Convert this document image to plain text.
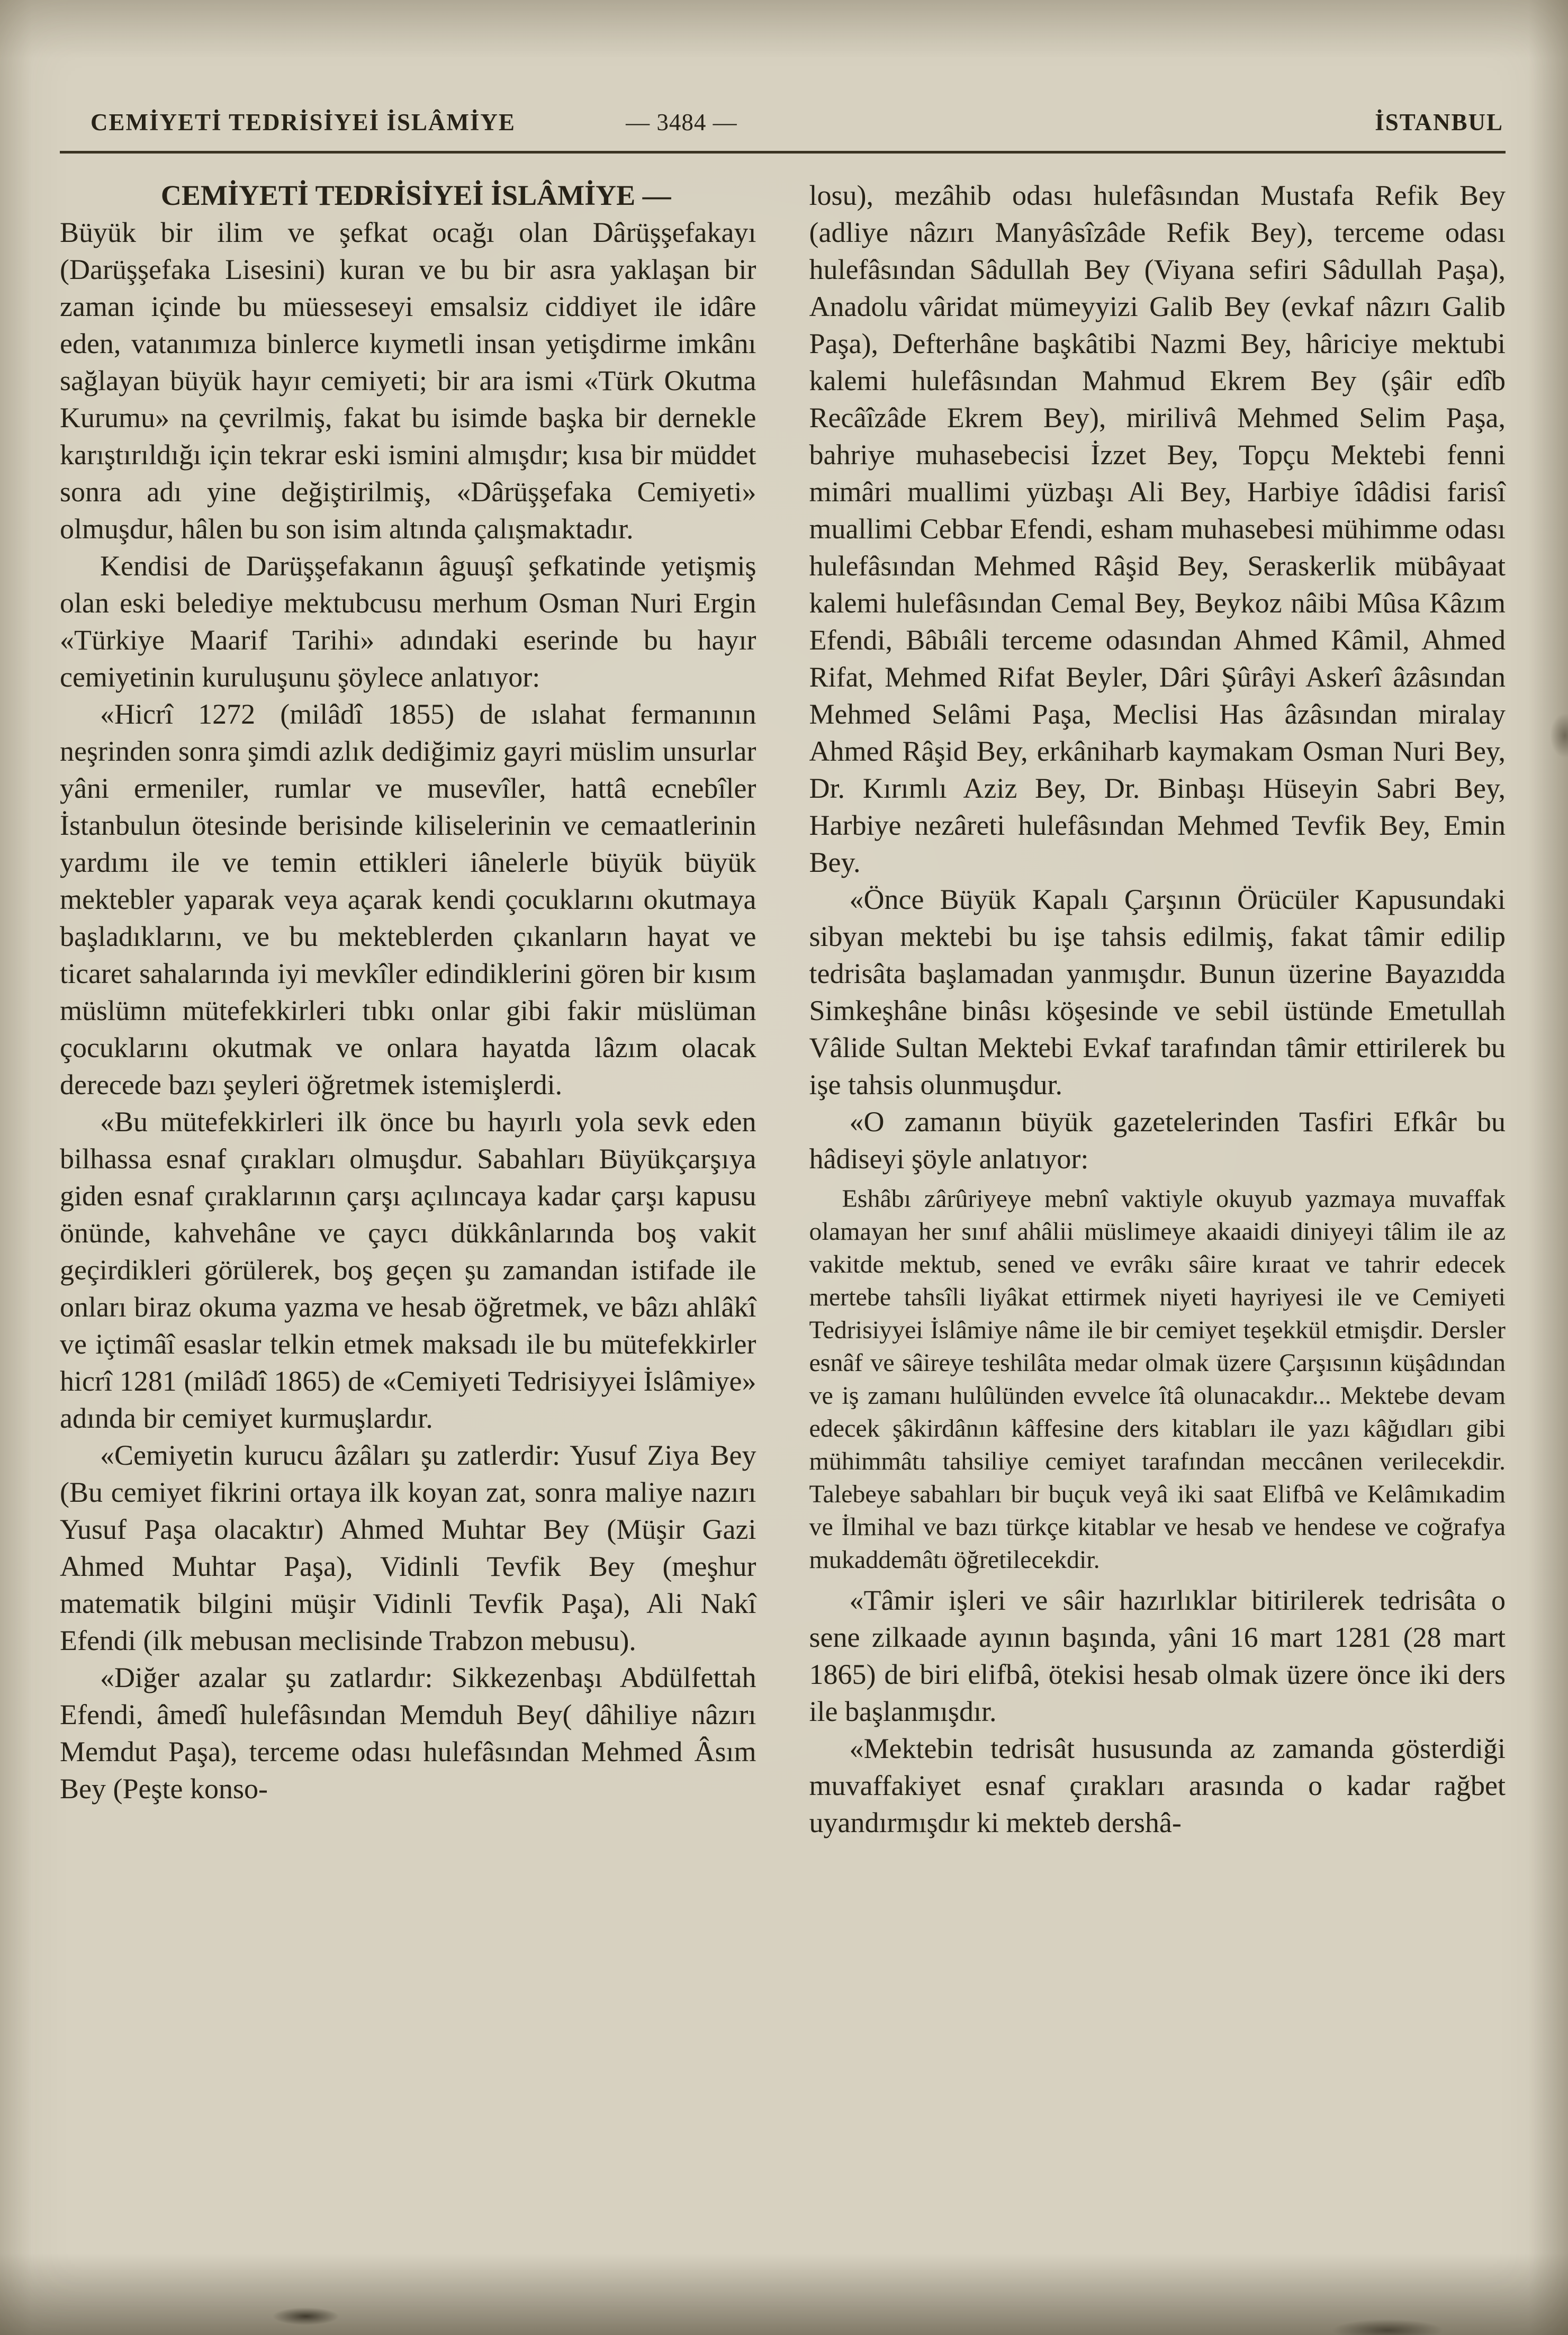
CEMİYETİ TEDRİSİYEİ İSLÂMİYE	— 3484 —	İSTANBUL

CEMİYETİ TEDRİSİYEİ İSLÂMİYE —
Büyük bir ilim ve şefkat ocağı olan Dârüşşefakayı (Darüşşefaka Lisesini) kuran ve bu bir asra yaklaşan bir zaman içinde bu müesseseyi emsalsiz ciddiyet ile idâre eden, vatanımıza binlerce kıymetli insan yetişdirme imkânı sağlayan büyük hayır cemiyeti; bir ara ismi «Türk Okutma Kurumu» na çevrilmiş, fakat bu isimde başka bir dernekle karıştırıldığı için tekrar eski ismini almışdır; kısa bir müddet sonra adı yine değiştirilmiş, «Dârüşşefaka Cemiyeti» olmuşdur, hâlen bu son isim altında çalışmaktadır.

Kendisi de Darüşşefakanın âguuşî şefkatinde yetişmiş olan eski belediye mektubcusu merhum Osman Nuri Ergin «Türkiye Maarif Tarihi» adındaki eserinde bu hayır cemiyetinin kuruluşunu şöylece anlatıyor:

«Hicrî 1272 (milâdî 1855) de ıslahat fermanının neşrinden sonra şimdi azlık dediğimiz gayri müslim unsurlar yâni ermeniler, rumlar ve musevîler, hattâ ecnebîler İstanbulun ötesinde berisinde kiliselerinin ve cemaatlerinin yardımı ile ve temin ettikleri iânelerle büyük büyük mektebler yaparak veya açarak kendi çocuklarını okutmaya başladıklarını, ve bu mekteblerden çıkanların hayat ve ticaret sahalarında iyi mevkîler edindiklerini gören bir kısım müslümn mütefekkirleri tıbkı onlar gibi fakir müslüman çocuklarını okutmak ve onlara hayatda lâzım olacak derecede bazı şeyleri öğretmek istemişlerdi.

«Bu mütefekkirleri ilk önce bu hayırlı yola sevk eden bilhassa esnaf çırakları olmuşdur. Sabahları Büyükçarşıya giden esnaf çıraklarının çarşı açılıncaya kadar çarşı kapusu önünde, kahvehâne ve çaycı dükkânlarında boş vakit geçirdikleri görülerek, boş geçen şu zamandan istifade ile onları biraz okuma yazma ve hesab öğretmek, ve bâzı ahlâkî ve içtimâî esaslar telkin etmek maksadı ile bu mütefekkirler hicrî 1281 (milâdî 1865) de «Cemiyeti Tedrisiyyei İslâmiye» adında bir cemiyet kurmuşlardır.

«Cemiyetin kurucu âzâları şu zatlerdir: Yusuf Ziya Bey (Bu cemiyet fikrini ortaya ilk koyan zat, sonra maliye nazırı Yusuf Paşa olacaktır) Ahmed Muhtar Bey (Müşir Gazi Ahmed Muhtar Paşa), Vidinli Tevfik Bey (meşhur matematik bilgini müşir Vidinli Tevfik Paşa), Ali Nakî Efendi (ilk mebusan meclisinde Trabzon mebusu).

«Diğer azalar şu zatlardır: Sikkezenbaşı Abdülfettah Efendi, âmedî hulefâsından Memduh Bey( dâhiliye nâzırı Memdut Paşa), terceme odası hulefâsından Mehmed Âsım Bey (Peşte konso-

losu), mezâhib odası hulefâsından Mustafa Refik Bey (adliye nâzırı Manyâsîzâde Refik Bey), terceme odası hulefâsından Sâdullah Bey (Viyana sefiri Sâdullah Paşa), Anadolu vâridat mümeyyizi Galib Bey (evkaf nâzırı Galib Paşa), Defterhâne başkâtibi Nazmi Bey, hâriciye mektubi kalemi hulefâsından Mahmud Ekrem Bey (şâir edîb Recâîzâde Ekrem Bey), mirilivâ Mehmed Selim Paşa, bahriye muhasebecisi İzzet Bey, Topçu Mektebi fenni mimâri muallimi yüzbaşı Ali Bey, Harbiye îdâdisi farisî muallimi Cebbar Efendi, esham muhasebesi mühimme odası hulefâsından Mehmed Râşid Bey, Seraskerlik mübâyaat kalemi hulefâsından Cemal Bey, Beykoz nâibi Mûsa Kâzım Efendi, Bâbıâli terceme odasından Ahmed Kâmil, Ahmed Rifat, Mehmed Rifat Beyler, Dâri Şûrâyi Askerî âzâsından Mehmed Selâmi Paşa, Meclisi Has âzâsından miralay Ahmed Râşid Bey, erkâniharb kaymakam Osman Nuri Bey, Dr. Kırımlı Aziz Bey, Dr. Binbaşı Hüseyin Sabri Bey, Harbiye nezâreti hulefâsından Mehmed Tevfik Bey, Emin Bey.

«Önce Büyük Kapalı Çarşının Örücüler Kapusundaki sibyan mektebi bu işe tahsis edilmiş, fakat tâmir edilip tedrisâta başlamadan yanmışdır. Bunun üzerine Bayazıdda Simkeşhâne binâsı köşesinde ve sebil üstünde Emetullah Vâlide Sultan Mektebi Evkaf tarafından tâmir ettirilerek bu işe tahsis olunmuşdur.

«O zamanın büyük gazetelerinden Tasfiri Efkâr bu hâdiseyi şöyle anlatıyor:

Eshâbı zârûriyeye mebnî vaktiyle okuyub yazmaya muvaffak olamayan her sınıf ahâlii müslimeye akaaidi diniyeyi tâlim ile az vakitde mektub, sened ve evrâkı sâire kıraat ve tahrir edecek mertebe tahsîli liyâkat ettirmek niyeti hayriyesi ile ve Cemiyeti Tedrisiyyei İslâmiye nâme ile bir cemiyet teşekkül etmişdir. Dersler esnâf ve sâireye teshilâta medar olmak üzere Çarşısının küşâdından ve iş zamanı hulûlünden evvelce îtâ olunacakdır... Mektebe devam edecek şâkirdânın kâffesine ders kitabları ile yazı kâğıdları gibi mühimmâtı tahsiliye cemiyet tarafından meccânen verilecekdir. Talebeye sabahları bir buçuk veyâ iki saat Elifbâ ve Kelâmıkadim ve İlmihal ve bazı türkçe kitablar ve hesab ve hendese ve coğrafya mukaddemâtı öğretilecekdir.

«Tâmir işleri ve sâir hazırlıklar bitirilerek tedrisâta o sene zilkaade ayının başında, yâni 16 mart 1281 (28 mart 1865) de biri elifbâ, ötekisi hesab olmak üzere önce iki ders ile başlanmışdır.

«Mektebin tedrisât hususunda az zamanda gösterdiği muvaffakiyet esnaf çırakları arasında o kadar rağbet uyandırmışdır ki mekteb dershâ-
